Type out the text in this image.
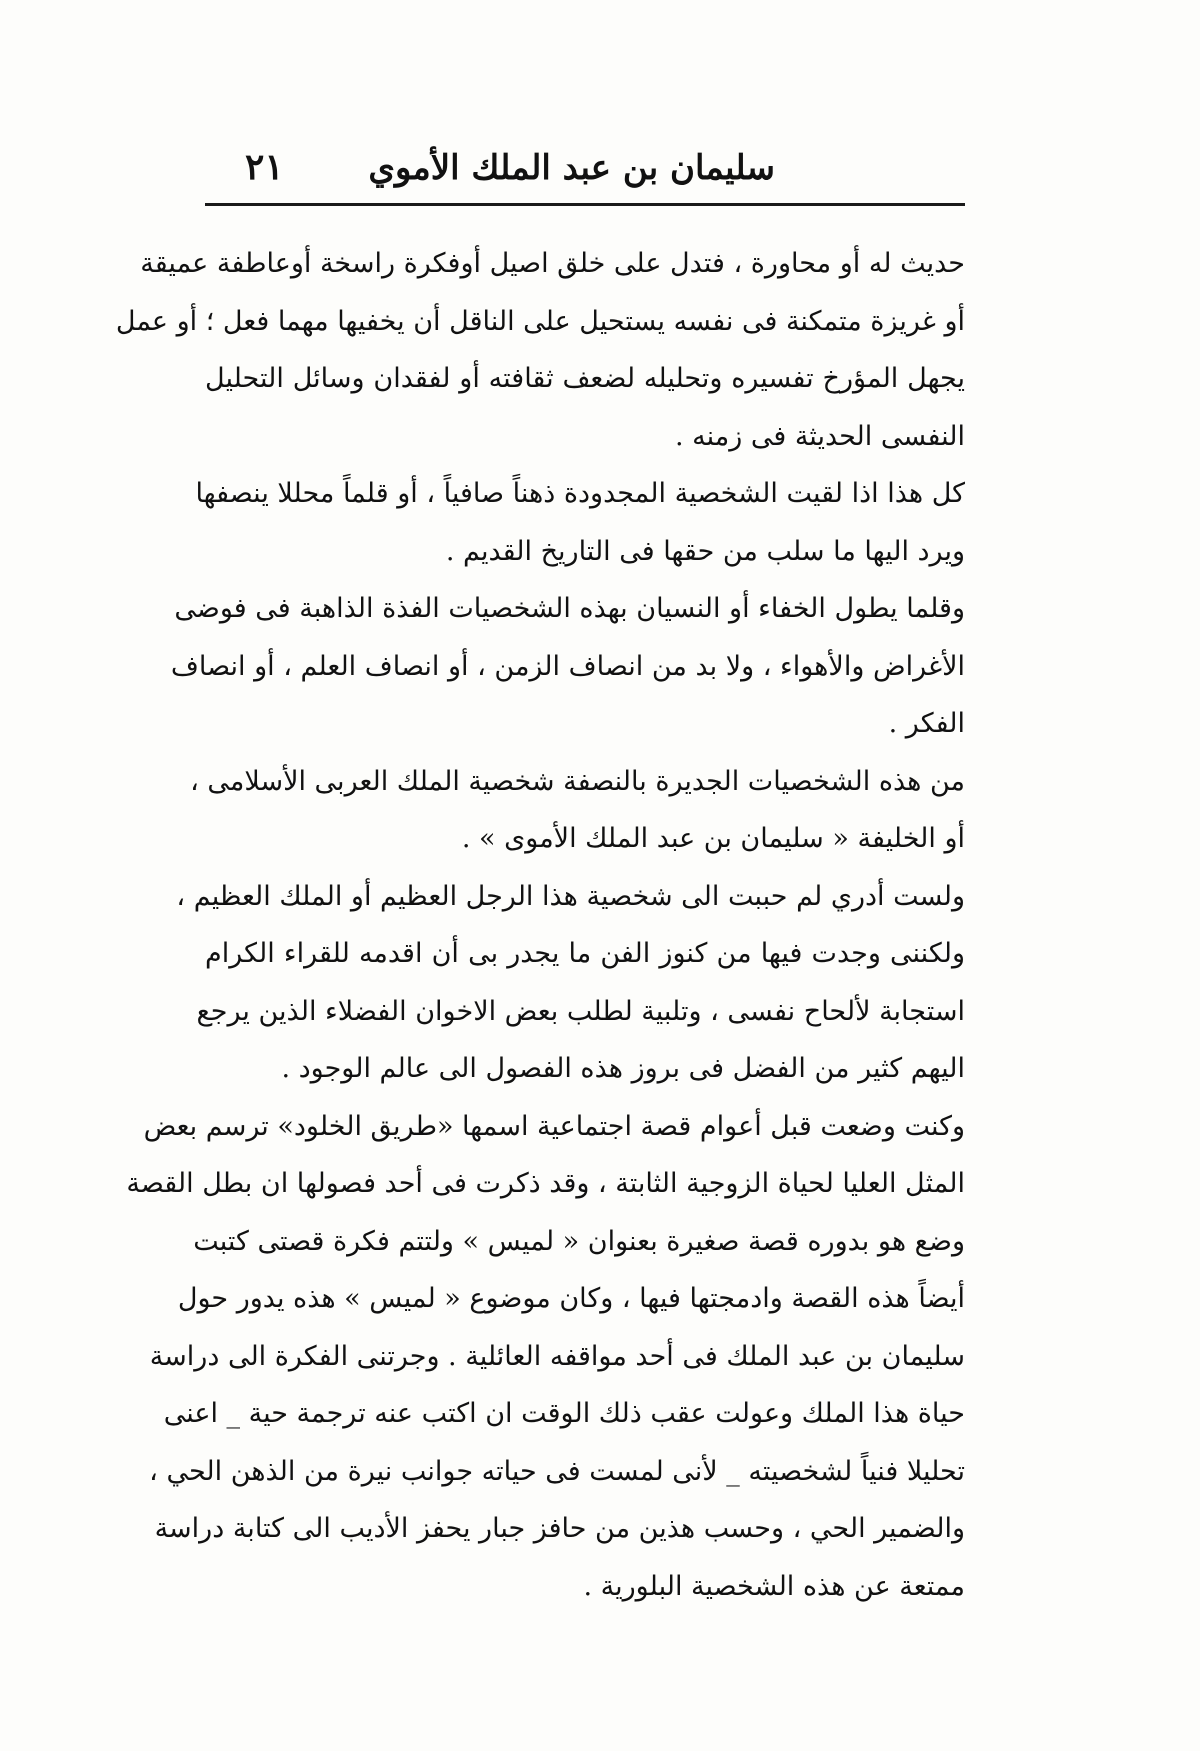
سليمان بن عبد الملك الأموي
٢١
حديث له أو محاورة ، فتدل على خلق اصيل أوفكرة راسخة أوعاطفة عميقة
أو غريزة متمكنة فى نفسه يستحيل على الناقل أن يخفيها مهما فعل ؛ أو عمل
يجهل المؤرخ تفسيره وتحليله لضعف ثقافته أو لفقدان وسائل التحليل
النفسى الحديثة فى زمنه .
كل هذا اذا لقيت الشخصية المجدودة ذهناً صافياً ، أو قلماً محللا ينصفها
ويرد اليها ما سلب من حقها فى التاريخ القديم .
وقلما يطول الخفاء أو النسيان بهذه الشخصيات الفذة الذاهبة فى فوضى
الأغراض والأهواء ، ولا بد من انصاف الزمن ، أو انصاف العلم ، أو انصاف
الفكر .
من هذه الشخصيات الجديرة بالنصفة شخصية الملك العربى الأسلامى ،
أو الخليفة « سليمان بن عبد الملك الأموى » .
ولست أدري لم حببت الى شخصية هذا الرجل العظيم أو الملك العظيم ،
ولكننى وجدت فيها من كنوز الفن ما يجدر بى أن اقدمه للقراء الكرام
استجابة لألحاح نفسى ، وتلبية لطلب بعض الاخوان الفضلاء الذين يرجع
اليهم كثير من الفضل فى بروز هذه الفصول الى عالم الوجود .
وكنت وضعت قبل أعوام قصة اجتماعية اسمها «طريق الخلود» ترسم بعض
المثل العليا لحياة الزوجية الثابتة ، وقد ذكرت فى أحد فصولها ان بطل القصة
وضع هو بدوره قصة صغيرة بعنوان « لميس » ولتتم فكرة قصتى كتبت
أيضاً هذه القصة وادمجتها فيها ، وكان موضوع « لميس » هذه يدور حول
سليمان بن عبد الملك فى أحد مواقفه العائلية . وجرتنى الفكرة الى دراسة
حياة هذا الملك وعولت عقب ذلك الوقت ان اكتب عنه ترجمة حية _ اعنى
تحليلا فنياً لشخصيته _ لأنى لمست فى حياته جوانب نيرة من الذهن الحي ،
والضمير الحي ، وحسب هذين من حافز جبار يحفز الأديب الى كتابة دراسة
ممتعة عن هذه الشخصية البلورية .
